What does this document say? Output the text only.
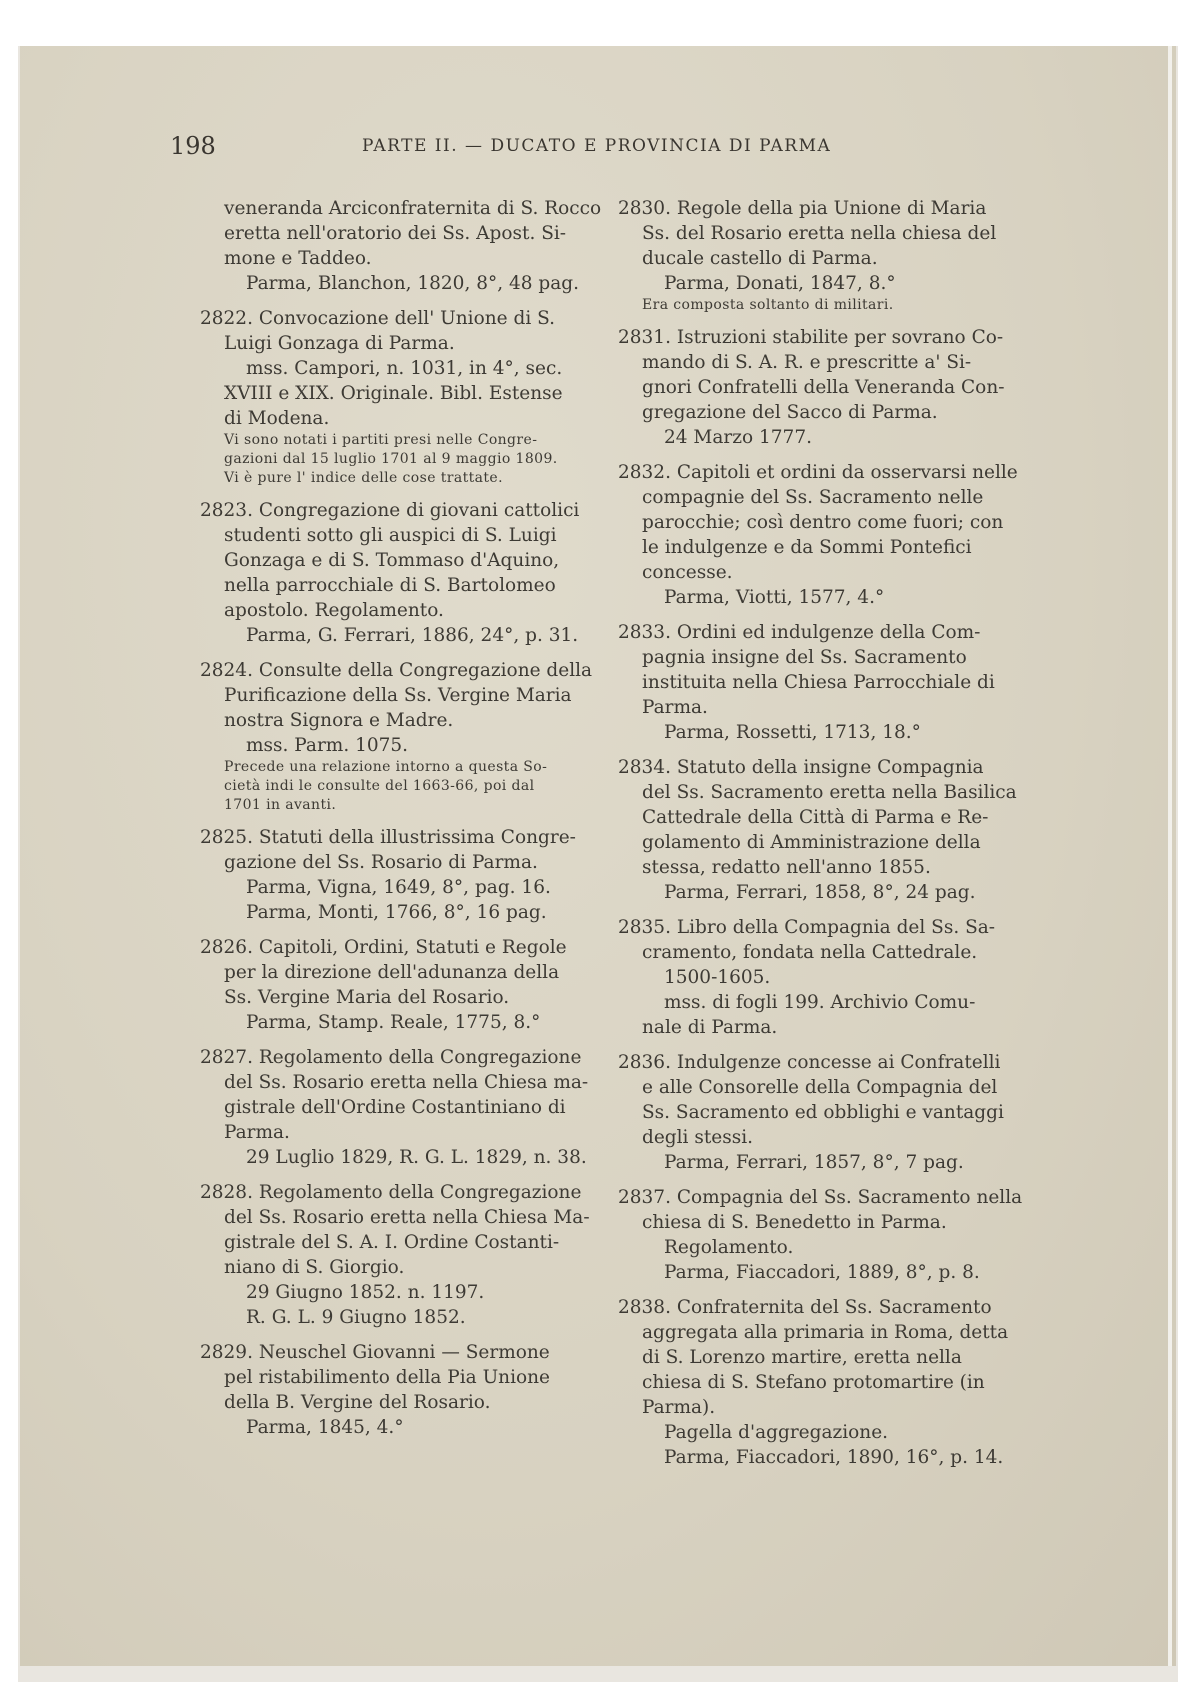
198	PARTE II. — DUCATO E PROVINCIA DI PARMA
veneranda Arciconfraternita di S. Rocco
eretta nell'oratorio dei Ss. Apost. Si-
mone e Taddeo.
Parma, Blanchon, 1820, 8°, 48 pag.
2822. Convocazione dell' Unione di S.
Luigi Gonzaga di Parma.
mss. Campori, n. 1031, in 4°, sec.
XVIII e XIX. Originale. Bibl. Estense
di Modena.
Vi sono notati i partiti presi nelle Congre-
gazioni dal 15 luglio 1701 al 9 maggio 1809.
Vi è pure l' indice delle cose trattate.
2823. Congregazione di giovani cattolici
studenti sotto gli auspici di S. Luigi
Gonzaga e di S. Tommaso d'Aquino,
nella parrocchiale di S. Bartolomeo
apostolo. Regolamento.
Parma, G. Ferrari, 1886, 24°, p. 31.
2824. Consulte della Congregazione della
Purificazione della Ss. Vergine Maria
nostra Signora e Madre.
mss. Parm. 1075.
Precede una relazione intorno a questa So-
cietà indi le consulte del 1663-66, poi dal
1701 in avanti.
2825. Statuti della illustrissima Congre-
gazione del Ss. Rosario di Parma.
Parma, Vigna, 1649, 8°, pag. 16.
Parma, Monti, 1766, 8°, 16 pag.
2826. Capitoli, Ordini, Statuti e Regole
per la direzione dell'adunanza della
Ss. Vergine Maria del Rosario.
Parma, Stamp. Reale, 1775, 8.°
2827. Regolamento della Congregazione
del Ss. Rosario eretta nella Chiesa ma-
gistrale dell'Ordine Costantiniano di
Parma.
29 Luglio 1829, R. G. L. 1829, n. 38.
2828. Regolamento della Congregazione
del Ss. Rosario eretta nella Chiesa Ma-
gistrale del S. A. I. Ordine Costanti-
niano di S. Giorgio.
29 Giugno 1852. n. 1197.
R. G. L. 9 Giugno 1852.
2829. Neuschel Giovanni — Sermone
pel ristabilimento della Pia Unione
della B. Vergine del Rosario.
Parma, 1845, 4.°
2830. Regole della pia Unione di Maria
Ss. del Rosario eretta nella chiesa del
ducale castello di Parma.
Parma, Donati, 1847, 8.°
Era composta soltanto di militari.
2831. Istruzioni stabilite per sovrano Co-
mando di S. A. R. e prescritte a' Si-
gnori Confratelli della Veneranda Con-
gregazione del Sacco di Parma.
24 Marzo 1777.
2832. Capitoli et ordini da osservarsi nelle
compagnie del Ss. Sacramento nelle
parocchie; così dentro come fuori; con
le indulgenze e da Sommi Pontefici
concesse.
Parma, Viotti, 1577, 4.°
2833. Ordini ed indulgenze della Com-
pagnia insigne del Ss. Sacramento
instituita nella Chiesa Parrocchiale di
Parma.
Parma, Rossetti, 1713, 18.°
2834. Statuto della insigne Compagnia
del Ss. Sacramento eretta nella Basilica
Cattedrale della Città di Parma e Re-
golamento di Amministrazione della
stessa, redatto nell'anno 1855.
Parma, Ferrari, 1858, 8°, 24 pag.
2835. Libro della Compagnia del Ss. Sa-
cramento, fondata nella Cattedrale.
1500-1605.
mss. di fogli 199. Archivio Comu-
nale di Parma.
2836. Indulgenze concesse ai Confratelli
e alle Consorelle della Compagnia del
Ss. Sacramento ed obblighi e vantaggi
degli stessi.
Parma, Ferrari, 1857, 8°, 7 pag.
2837. Compagnia del Ss. Sacramento nella
chiesa di S. Benedetto in Parma.
Regolamento.
Parma, Fiaccadori, 1889, 8°, p. 8.
2838. Confraternita del Ss. Sacramento
aggregata alla primaria in Roma, detta
di S. Lorenzo martire, eretta nella
chiesa di S. Stefano protomartire (in
Parma).
Pagella d'aggregazione.
Parma, Fiaccadori, 1890, 16°, p. 14.
